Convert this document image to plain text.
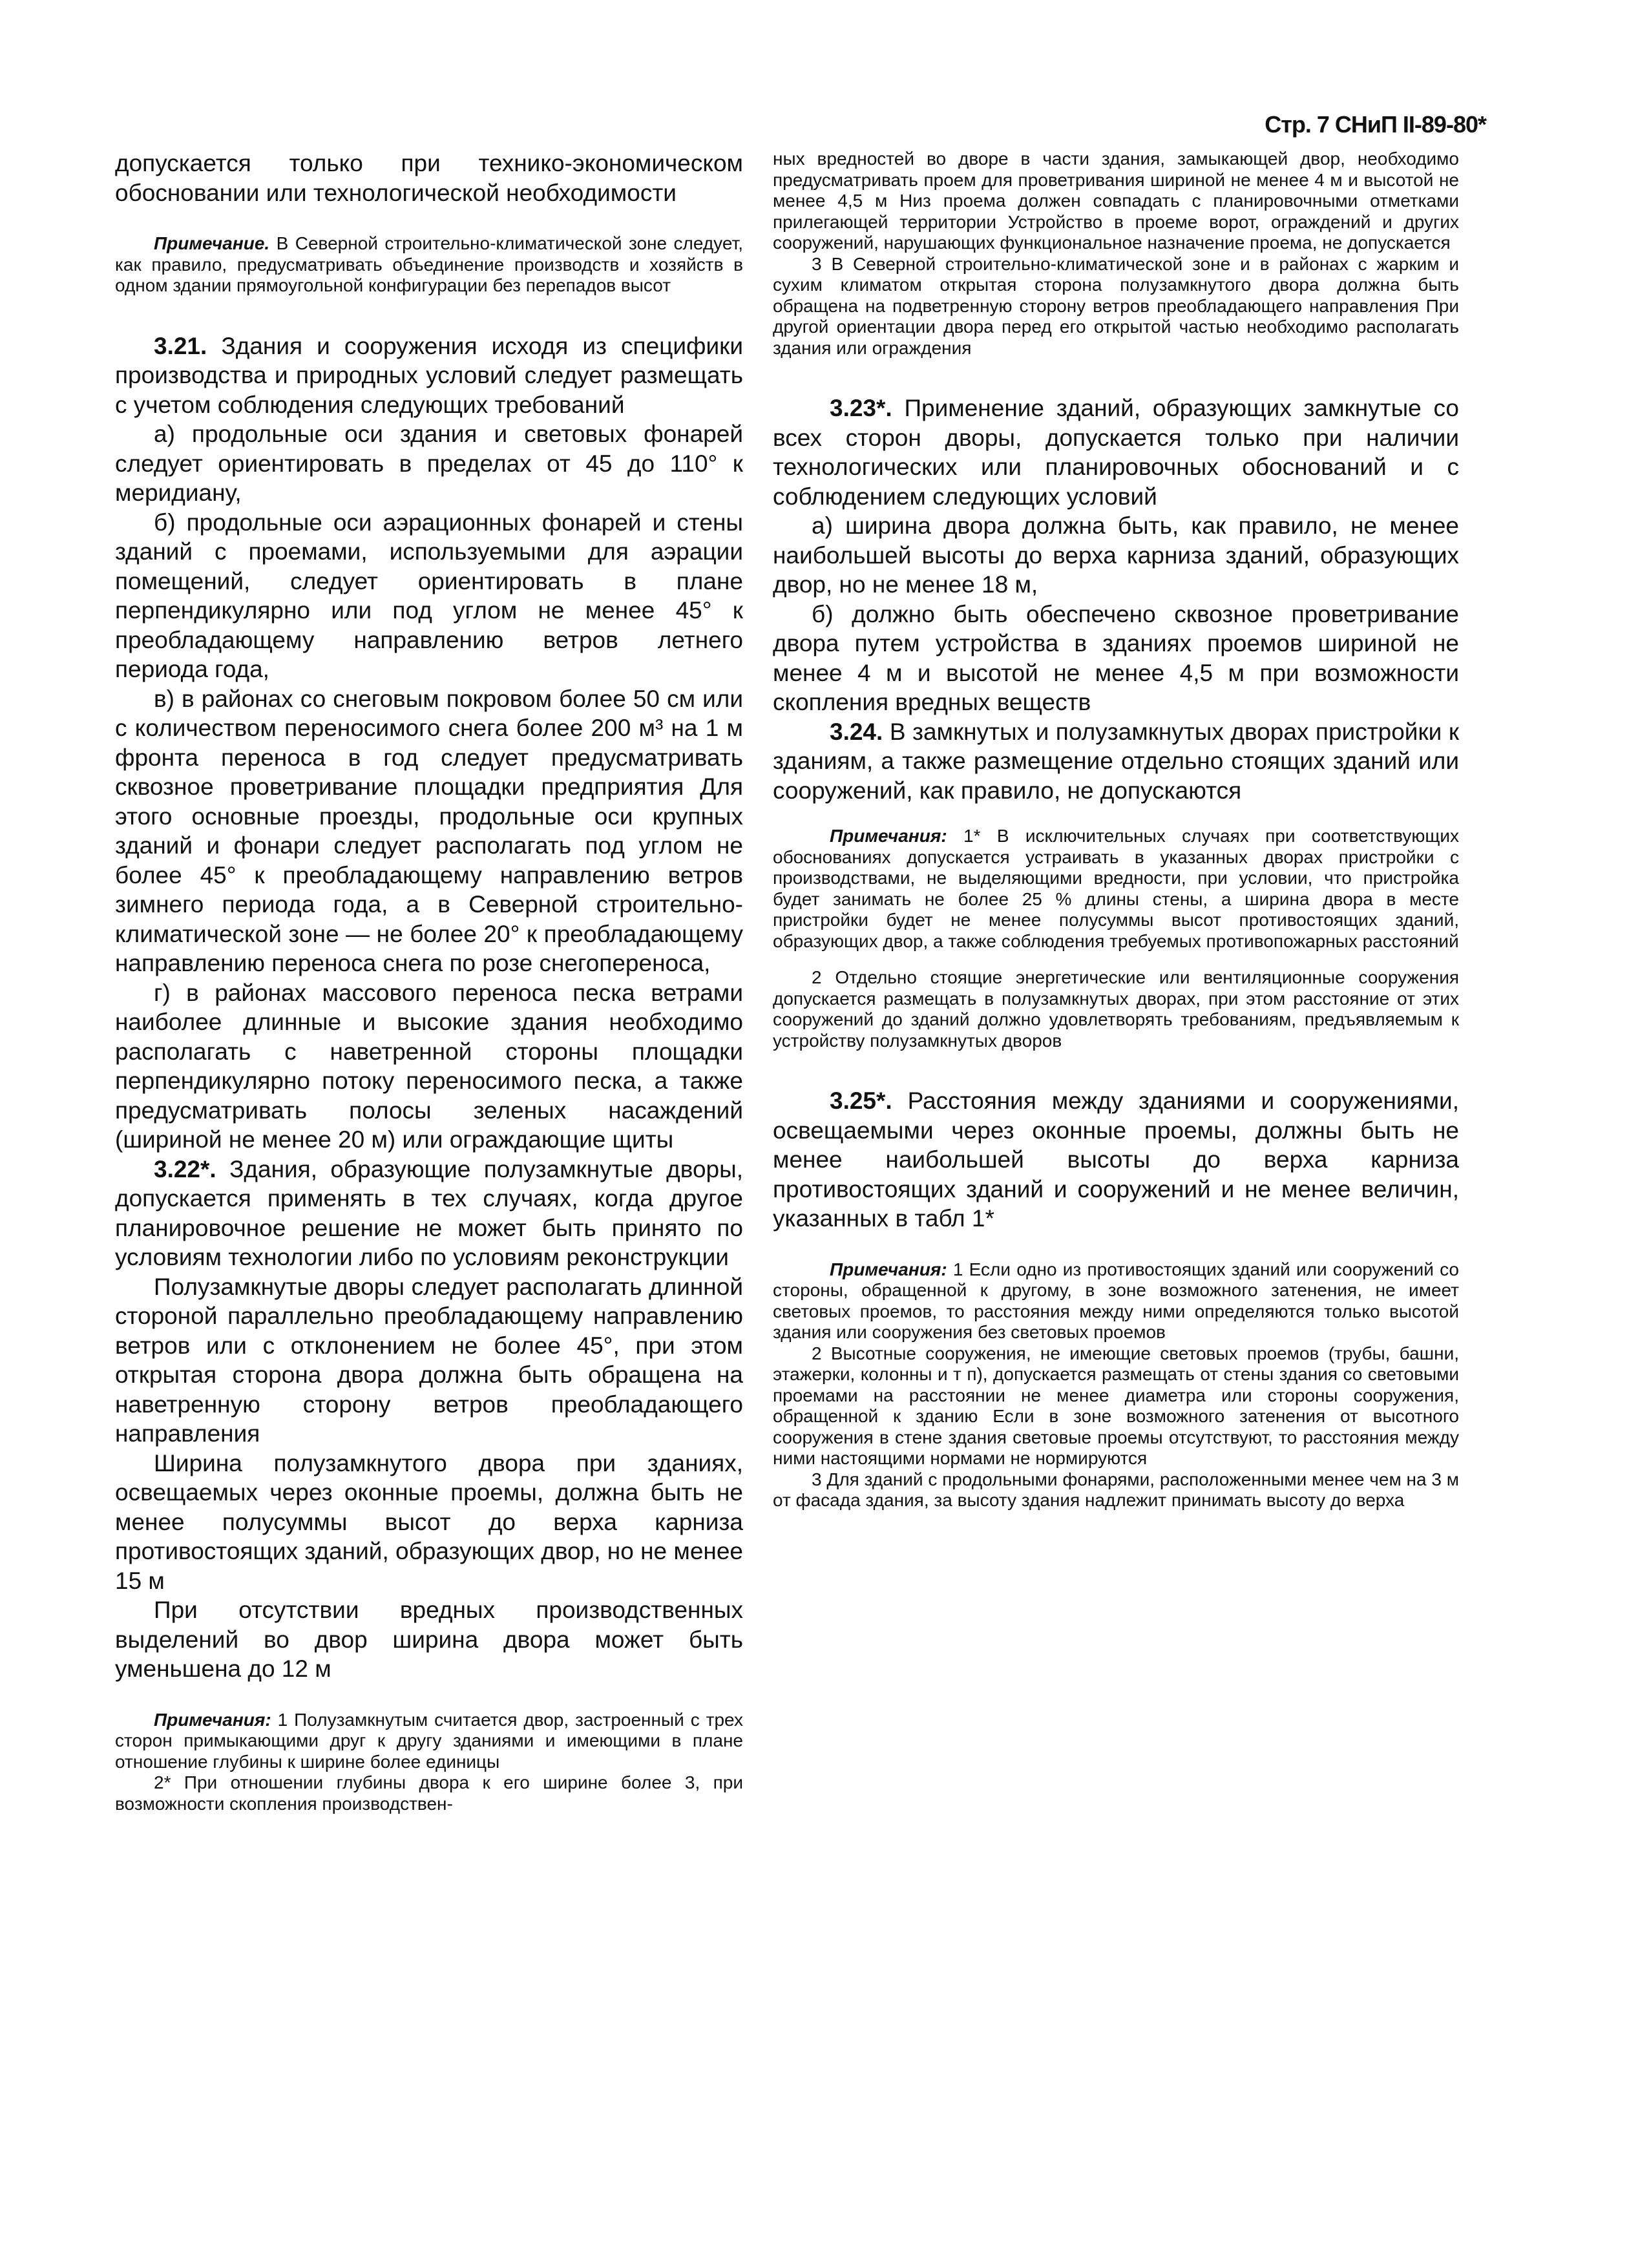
Стр. 7 СНиП II-89-80*

допускается только при технико-экономическом обосновании или технологической необходимости

Примечание. В Северной строительно-климатической зоне следует, как правило, предусматривать объединение производств и хозяйств в одном здании прямоугольной конфигурации без перепадов высот

3.21. Здания и сооружения исходя из специфики производства и природных условий следует размещать с учетом соблюдения следующих требований

а) продольные оси здания и световых фонарей следует ориентировать в пределах от 45 до 110° к меридиану,

б) продольные оси аэрационных фонарей и стены зданий с проемами, используемыми для аэрации помещений, следует ориентировать в плане перпендикулярно или под углом не менее 45° к преобладающему направлению ветров летнего периода года,

в) в районах со снеговым покровом более 50 см или с количеством переносимого снега более 200 м³ на 1 м фронта переноса в год следует предусматривать сквозное проветривание площадки предприятия Для этого основные проезды, продольные оси крупных зданий и фонари следует располагать под углом не более 45° к преобладающему направлению ветров зимнего периода года, а в Северной строительно-климатической зоне — не более 20° к преобладающему направлению переноса снега по розе снегопереноса,

г) в районах массового переноса песка ветрами наиболее длинные и высокие здания необходимо располагать с наветренной стороны площадки перпендикулярно потоку переносимого песка, а также предусматривать полосы зеленых насаждений (шириной не менее 20 м) или ограждающие щиты

3.22*. Здания, образующие полузамкнутые дворы, допускается применять в тех случаях, когда другое планировочное решение не может быть принято по условиям технологии либо по условиям реконструкции

Полузамкнутые дворы следует располагать длинной стороной параллельно преобладающему направлению ветров или с отклонением не более 45°, при этом открытая сторона двора должна быть обращена на наветренную сторону ветров преобладающего направления

Ширина полузамкнутого двора при зданиях, освещаемых через оконные проемы, должна быть не менее полусуммы высот до верха карниза противостоящих зданий, образующих двор, но не менее 15 м

При отсутствии вредных производственных выделений во двор ширина двора может быть уменьшена до 12 м

Примечания: 1 Полузамкнутым считается двор, застроенный с трех сторон примыкающими друг к другу зданиями и имеющими в плане отношение глубины к ширине более единицы

2* При отношении глубины двора к его ширине более 3, при возможности скопления производствен-

ных вредностей во дворе в части здания, замыкающей двор, необходимо предусматривать проем для проветривания шириной не менее 4 м и высотой не менее 4,5 м Низ проема должен совпадать с планировочными отметками прилегающей территории Устройство в проеме ворот, ограждений и других сооружений, нарушающих функциональное назначение проема, не допускается

3 В Северной строительно-климатической зоне и в районах с жарким и сухим климатом открытая сторона полузамкнутого двора должна быть обращена на подветренную сторону ветров преобладающего направления При другой ориентации двора перед его открытой частью необходимо располагать здания или ограждения

3.23*. Применение зданий, образующих замкнутые со всех сторон дворы, допускается только при наличии технологических или планировочных обоснований и с соблюдением следующих условий

а) ширина двора должна быть, как правило, не менее наибольшей высоты до верха карниза зданий, образующих двор, но не менее 18 м,

б) должно быть обеспечено сквозное проветривание двора путем устройства в зданиях проемов шириной не менее 4 м и высотой не менее 4,5 м при возможности скопления вредных веществ

3.24. В замкнутых и полузамкнутых дворах пристройки к зданиям, а также размещение отдельно стоящих зданий или сооружений, как правило, не допускаются

Примечания: 1* В исключительных случаях при соответствующих обоснованиях допускается устраивать в указанных дворах пристройки с производствами, не выделяющими вредности, при условии, что пристройка будет занимать не более 25 % длины стены, а ширина двора в месте пристройки будет не менее полусуммы высот противостоящих зданий, образующих двор, а также соблюдения требуемых противопожарных расстояний

2 Отдельно стоящие энергетические или вентиляционные сооружения допускается размещать в полузамкнутых дворах, при этом расстояние от этих сооружений до зданий должно удовлетворять требованиям, предъявляемым к устройству полузамкнутых дворов

3.25*. Расстояния между зданиями и сооружениями, освещаемыми через оконные проемы, должны быть не менее наибольшей высоты до верха карниза противостоящих зданий и сооружений и не менее величин, указанных в табл 1*

Примечания: 1 Если одно из противостоящих зданий или сооружений со стороны, обращенной к другому, в зоне возможного затенения, не имеет световых проемов, то расстояния между ними определяются только высотой здания или сооружения без световых проемов

2 Высотные сооружения, не имеющие световых проемов (трубы, башни, этажерки, колонны и т п), допускается размещать от стены здания со световыми проемами на расстоянии не менее диаметра или стороны сооружения, обращенной к зданию Если в зоне возможного затенения от высотного сооружения в стене здания световые проемы отсутствуют, то расстояния между ними настоящими нормами не нормируются

3 Для зданий с продольными фонарями, расположенными менее чем на 3 м от фасада здания, за высоту здания надлежит принимать высоту до верха
